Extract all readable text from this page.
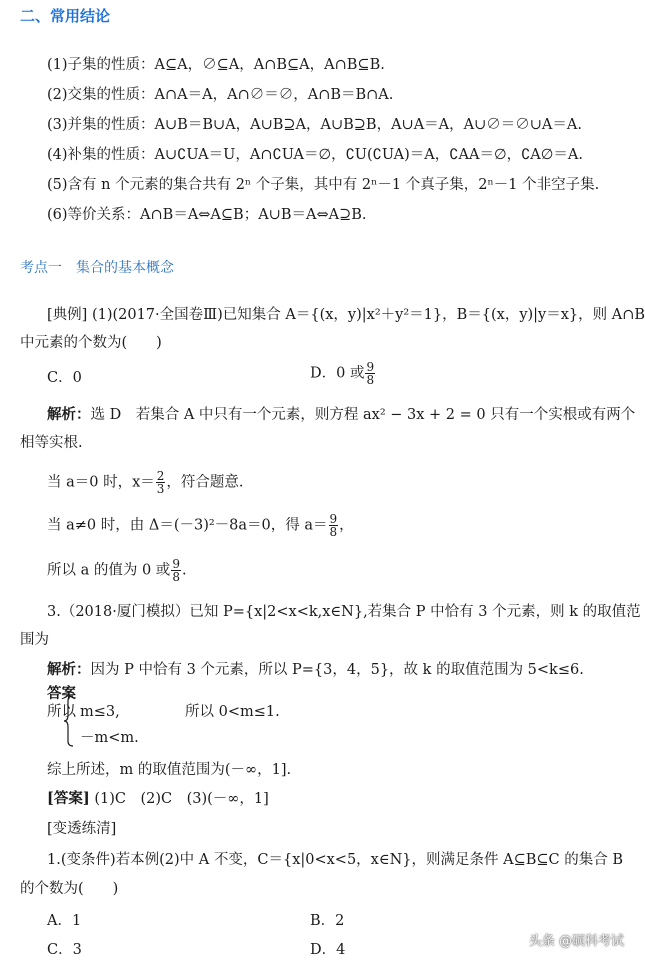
二、常用结论
(1)子集的性质：A⊆A，∅⊆A，A∩B⊆A，A∩B⊆B.
(2)交集的性质：A∩A＝A，A∩∅＝∅，A∩B＝B∩A.
(3)并集的性质：A∪B＝B∪A，A∪B⊇A，A∪B⊇B，A∪A＝A，A∪∅＝∅∪A＝A.
(4)补集的性质：A∪∁UA＝U，A∩∁UA＝∅，∁U(∁UA)＝A，∁AA＝∅，∁A∅＝A.
(5)含有 n 个元素的集合共有 2ⁿ 个子集，其中有 2ⁿ－1 个真子集，2ⁿ－1 个非空子集.
(6)等价关系：A∩B＝A⇔A⊆B；A∪B＝A⇔A⊇B.
考点一　集合的基本概念
[典例] (1)(2017·全国卷Ⅲ)已知集合 A＝{(x，y)|x²＋y²＝1}，B＝{(x，y)|y＝x}，则 A∩B
中元素的个数为(　　)
C．0	D．0 或 $\frac{9}{8}$
解析：选 D　若集合 A 中只有一个元素，则方程 ax² − 3x + 2 = 0 只有一个实根或有两个
相等实根.
当 a＝0 时，$x= \frac{2}{3}$ ，符合题意.
当 a≠0 时，由 Δ＝(－3)²－8a＝0，得 $a= \frac{9}{8}$ ，
所以 a 的值为 0 或 $\frac{9}{8}$ .
3.（2018·厦门模拟）已知 P={x|2<x<k,x∈N},若集合 P 中恰有 3 个元素，则 k 的取值范
围为
解析：因为 P 中恰有 3 个元素，所以 P={3，4，5}，故 k 的取值范围为 5<k≤6.
答案
所以 m≤3,
－m<m.
所以 0<m≤1.
综上所述，m 的取值范围为(－∞，1].
[答案] (1)C　(2)C　(3)(－∞，1]
[变透练清]
1.(变条件)若本例(2)中 A 不变，C＝{x|0<x<5，x∈N}，则满足条件 A⊆B⊆C 的集合 B
的个数为(　　)
A．1	B．2
C．3	D．4
头条 @硕科考试
